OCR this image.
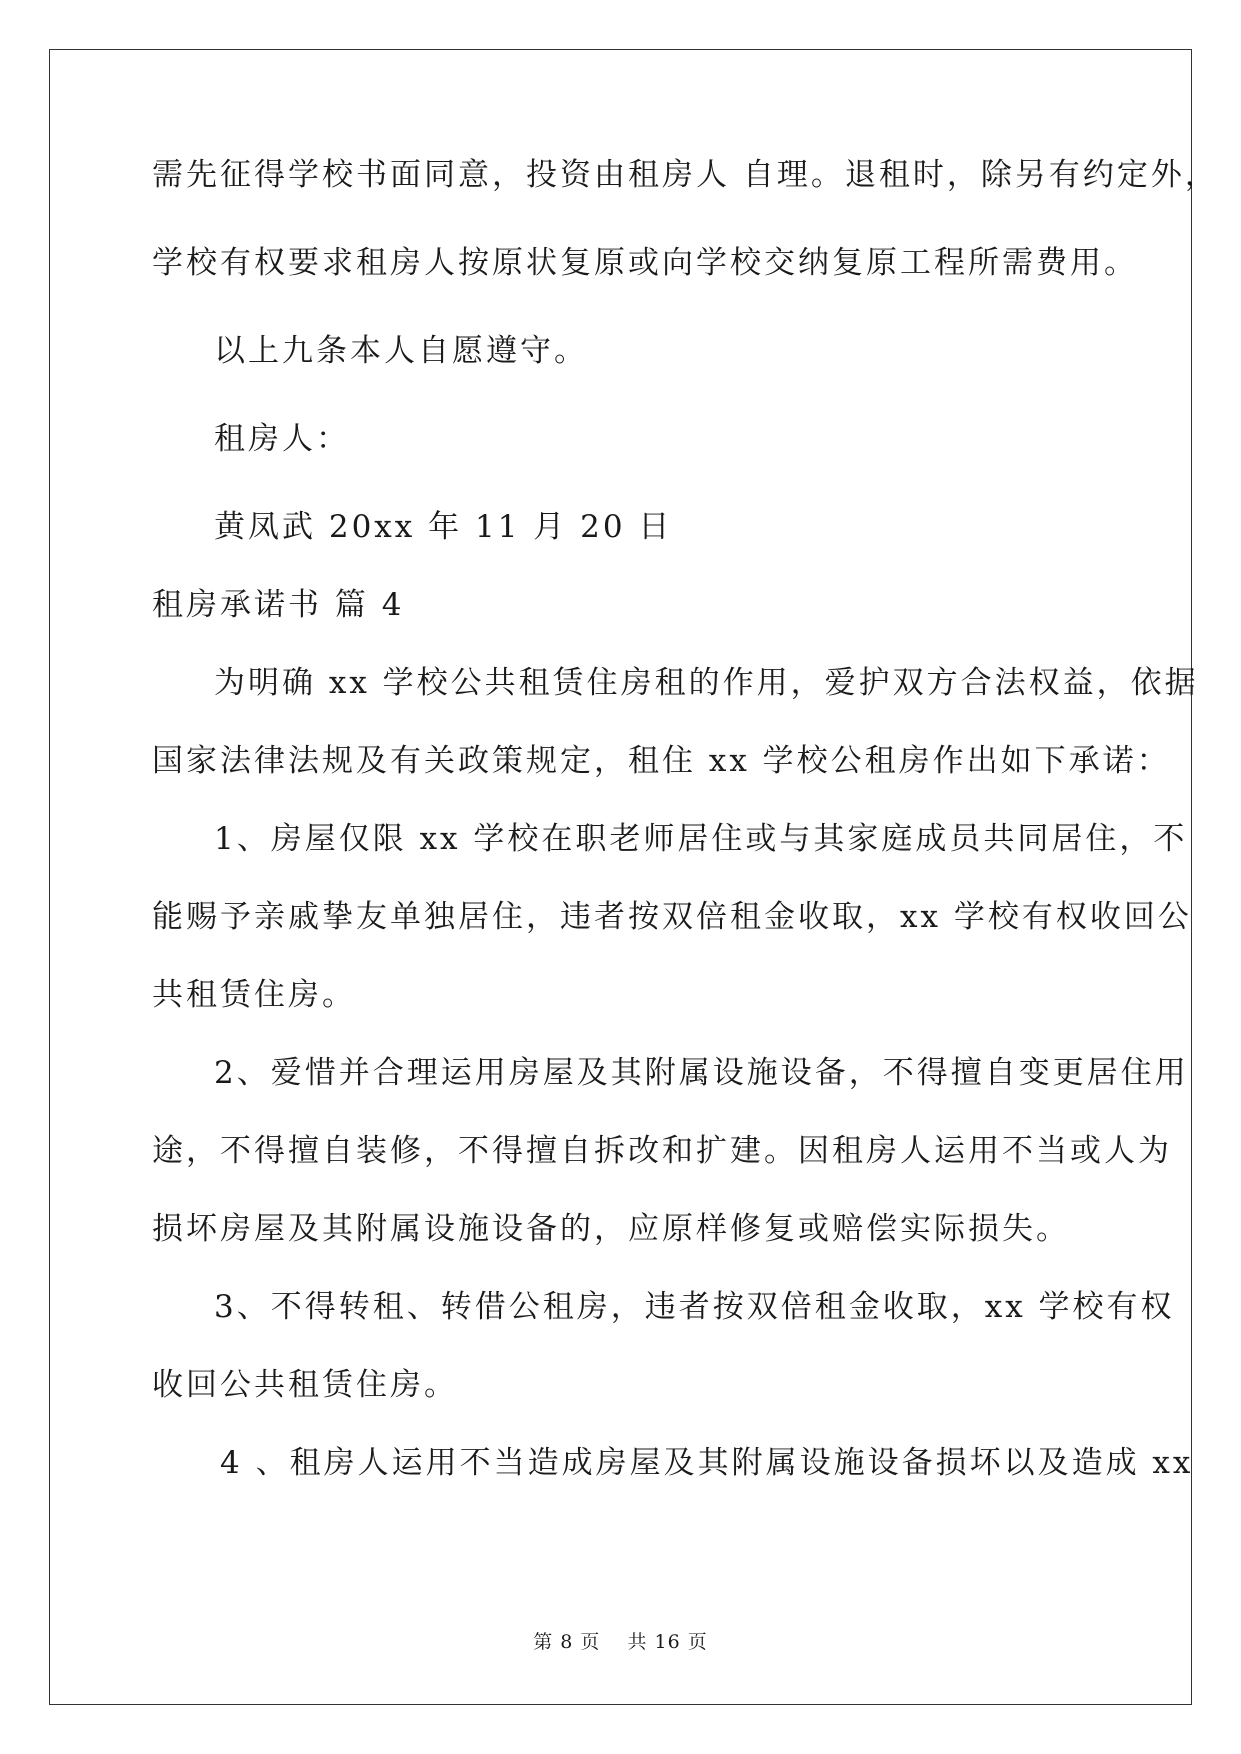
需先征得学校书面同意，投资由租房人 自理。退租时，除另有约定外，
学校有权要求租房人按原状复原或向学校交纳复原工程所需费用。
以上九条本人自愿遵守。
租房人：
黄凤武 20xx 年 11 月 20 日
租房承诺书 篇 4
为明确 xx 学校公共租赁住房租的作用，爱护双方合法权益，依据
国家法律法规及有关政策规定，租住 xx 学校公租房作出如下承诺：
1、房屋仅限 xx 学校在职老师居住或与其家庭成员共同居住，不
能赐予亲戚挚友单独居住，违者按双倍租金收取，xx 学校有权收回公
共租赁住房。
2、爱惜并合理运用房屋及其附属设施设备，不得擅自变更居住用
途，不得擅自装修，不得擅自拆改和扩建。因租房人运用不当或人为
损坏房屋及其附属设施设备的，应原样修复或赔偿实际损失。
3、不得转租、转借公租房，违者按双倍租金收取，xx 学校有权
收回公共租赁住房。
4 、租房人运用不当造成房屋及其附属设施设备损坏以及造成 xx
第 8 页　 共 16 页
